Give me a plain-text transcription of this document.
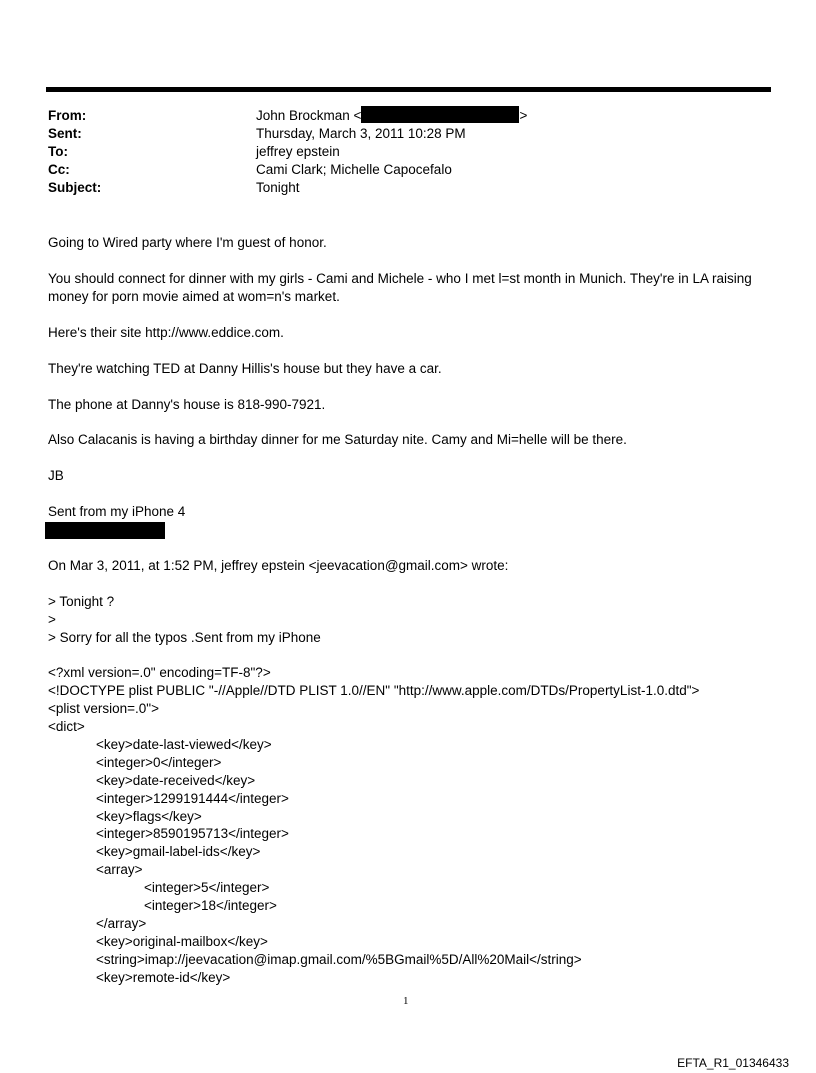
From:	John Brockman <	>
Sent:	Thursday, March 3, 2011 10:28 PM
To:	jeffrey epstein
Cc:	Cami Clark; Michelle Capocefalo
Subject:	Tonight
Going to Wired party where I'm guest of honor.
You should connect for dinner with my girls - Cami and Michele - who I met l=st month in Munich. They're in LA raising
money for porn movie aimed at wom=n's market.
Here's their site http://www.eddice.com.
They're watching TED at Danny Hillis's house but they have a car.
The phone at Danny's house is 818-990-7921.
Also Calacanis is having a birthday dinner for me Saturday nite. Camy and Mi=helle will be there.
JB
Sent from my iPhone 4
On Mar 3, 2011, at 1:52 PM, jeffrey epstein <jeevacation@gmail.com> wrote:
> Tonight ?
>
> Sorry for all the typos .Sent from my iPhone
<?xml version=.0" encoding=TF-8"?>
<!DOCTYPE plist PUBLIC "-//Apple//DTD PLIST 1.0//EN" "http://www.apple.com/DTDs/PropertyList-1.0.dtd">
<plist version=.0">
<dict>
<key>date-last-viewed</key>
<integer>0</integer>
<key>date-received</key>
<integer>1299191444</integer>
<key>flags</key>
<integer>8590195713</integer>
<key>gmail-label-ids</key>
<array>
<integer>5</integer>
<integer>18</integer>
</array>
<key>original-mailbox</key>
<string>imap://jeevacation@imap.gmail.com/%5BGmail%5D/All%20Mail</string>
<key>remote-id</key>
1
EFTA_R1_01346433
